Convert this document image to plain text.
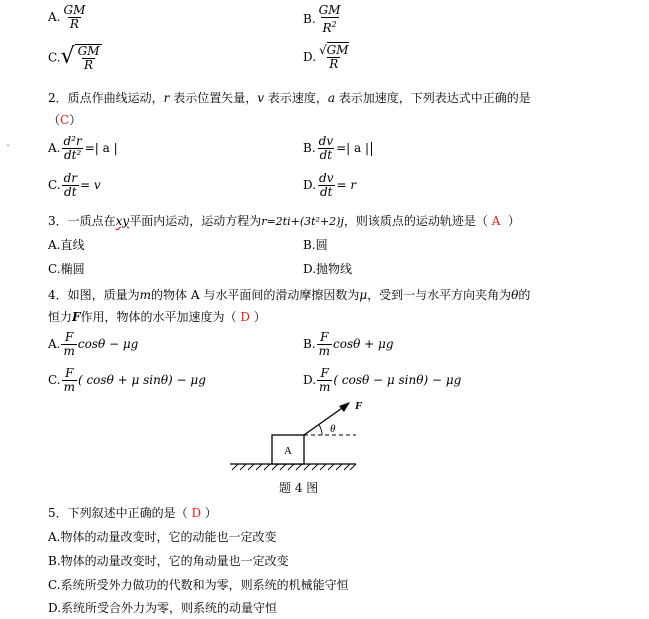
A. $\frac{GM}{R}$	B. $\frac{GM}{R^2}$
C. √ $\frac{GM}{R}$	D. $\frac{√GM}{R}$
2．质点作曲线运动，r 表示位置矢量，v 表示速度，a 表示加速度，下列表达式中正确的是
（C）
˅	A. $\frac{\text{d²r}}{\text{dt²}}$ =| a |	B. $\frac{dv}{dt}$ =| a |
C. $\frac{dr}{dt} = v$	D. $\frac{dv}{dt} = r$
3．一质点在xy平面内运动，运动方程为r=2ti+(3t²+2)j，则该质点的运动轨迹是（ A ）
A.直线	B.圆
C.椭圆	D.抛物线
4．如图，质量为m的物体 A 与水平面间的滑动摩擦因数为μ，受到一与水平方向夹角为θ的
恒力F作用，物体的水平加速度为（ D ）
A. $\frac{F}{m}$ cosθ − μg	B. $\frac{F}{m}$ cosθ + μg
C. $\frac{F}{m}$ ( cosθ + μ sinθ) − μg	D. $\frac{F}{m}$ ( cosθ − μ sinθ) − μg
A
F
θ
题 4 图
5．下列叙述中正确的是（ D ）
A.物体的动量改变时，它的动能也一定改变
B.物体的动量改变时，它的角动量也一定改变
C.系统所受外力做功的代数和为零，则系统的机械能守恒
D.系统所受合外力为零，则系统的动量守恒
